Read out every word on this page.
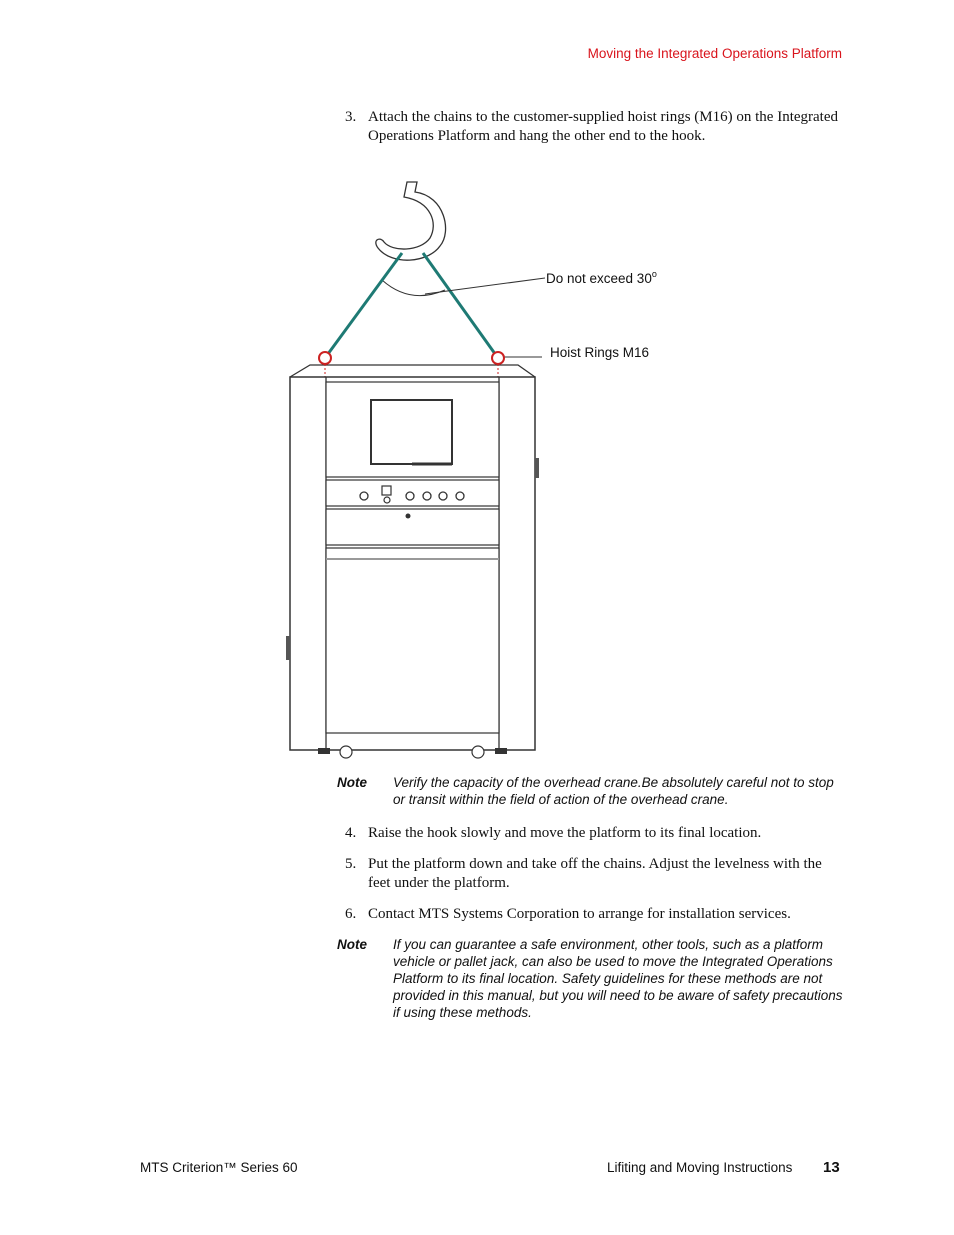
Moving the Integrated Operations Platform
3. Attach the chains to the customer-supplied hoist rings (M16) on the Integrated Operations Platform and hang the other end to the hook.
Do not exceed 30$^o$
Hoist Rings M16
Note Verify the capacity of the overhead crane.Be absolutely careful not to stop or transit within the field of action of the overhead crane.
4. Raise the hook slowly and move the platform to its final location.
5. Put the platform down and take off the chains. Adjust the levelness with the feet under the platform.
6. Contact MTS Systems Corporation to arrange for installation services.
Note If you can guarantee a safe environment, other tools, such as a platform vehicle or pallet jack, can also be used to move the Integrated Operations Platform to its final location. Safety guidelines for these methods are not provided in this manual, but you will need to be aware of safety precautions if using these methods.
MTS Criterion™ Series 60	Lifiting and Moving Instructions 13
